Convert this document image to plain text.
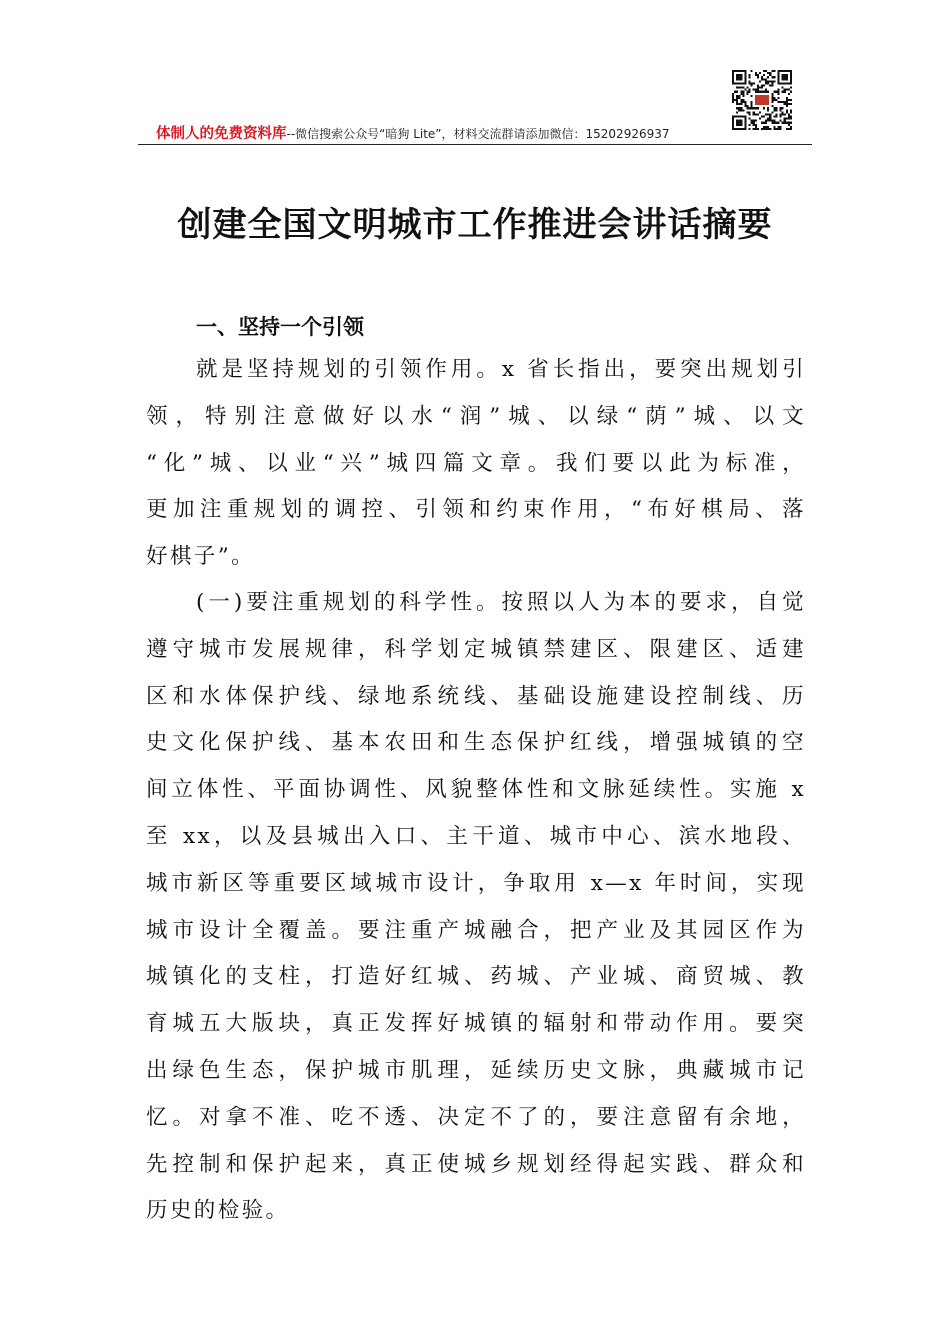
体制人的免费资料库--微信搜索公众号“暗狗 Lite”，材料交流群请添加微信：15202926937
创建全国文明城市工作推进会讲话摘要
一、坚持一个引领

就是坚持规划的引领作用。x 省长指出，要突出规划引
领，特别注意做好以水“润”城、以绿“荫”城、以文
“化”城、以业“兴”城四篇文章。我们要以此为标准，
更加注重规划的调控、引领和约束作用，“布好棋局、落
好棋子”。

(一)要注重规划的科学性。按照以人为本的要求，自觉
遵守城市发展规律，科学划定城镇禁建区、限建区、适建
区和水体保护线、绿地系统线、基础设施建设控制线、历
史文化保护线、基本农田和生态保护红线，增强城镇的空
间立体性、平面协调性、风貌整体性和文脉延续性。实施 x
至 xx，以及县城出入口、主干道、城市中心、滨水地段、
城市新区等重要区域城市设计，争取用 x—x 年时间，实现
城市设计全覆盖。要注重产城融合，把产业及其园区作为
城镇化的支柱，打造好红城、药城、产业城、商贸城、教
育城五大版块，真正发挥好城镇的辐射和带动作用。要突
出绿色生态，保护城市肌理，延续历史文脉，典藏城市记
忆。对拿不准、吃不透、决定不了的，要注意留有余地，
先控制和保护起来，真正使城乡规划经得起实践、群众和
历史的检验。
